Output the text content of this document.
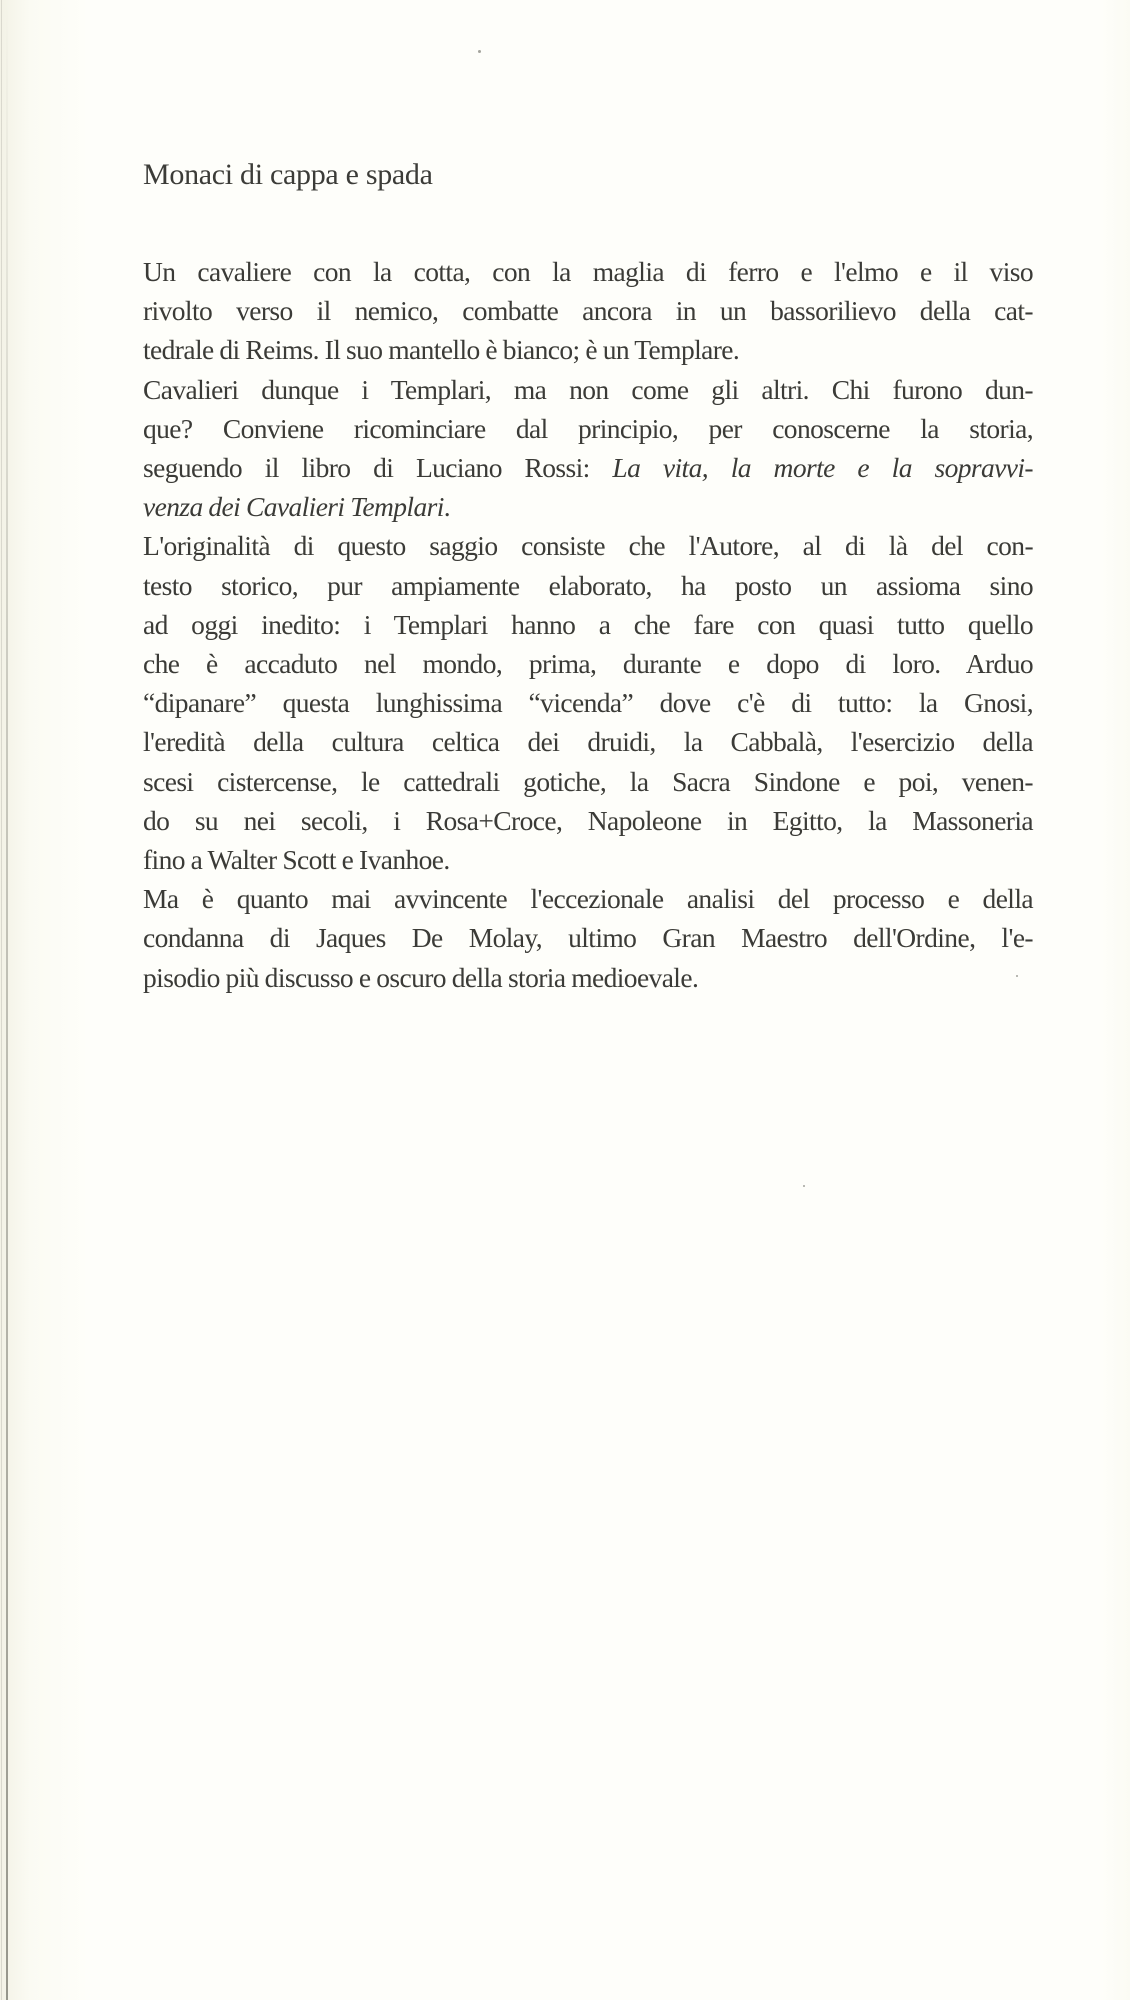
Monaci di cappa e spada
Un cavaliere con la cotta, con la maglia di ferro e l'elmo e il viso
rivolto verso il nemico, combatte ancora in un bassorilievo della cat-
tedrale di Reims. Il suo mantello è bianco; è un Templare.
Cavalieri dunque i Templari, ma non come gli altri. Chi furono dun-
que? Conviene ricominciare dal principio, per conoscerne la storia,
seguendo il libro di Luciano Rossi: La vita, la morte e la sopravvi-
venza dei Cavalieri Templari.
L'originalità di questo saggio consiste che l'Autore, al di là del con-
testo storico, pur ampiamente elaborato, ha posto un assioma sino
ad oggi inedito: i Templari hanno a che fare con quasi tutto quello
che è accaduto nel mondo, prima, durante e dopo di loro. Arduo
“dipanare” questa lunghissima “vicenda” dove c'è di tutto: la Gnosi,
l'eredità della cultura celtica dei druidi, la Cabbalà, l'esercizio della
scesi cistercense, le cattedrali gotiche, la Sacra Sindone e poi, venen-
do su nei secoli, i Rosa+Croce, Napoleone in Egitto, la Massoneria
fino a Walter Scott e Ivanhoe.
Ma è quanto mai avvincente l'eccezionale analisi del processo e della
condanna di Jaques De Molay, ultimo Gran Maestro dell'Ordine, l'e-
pisodio più discusso e oscuro della storia medioevale.
